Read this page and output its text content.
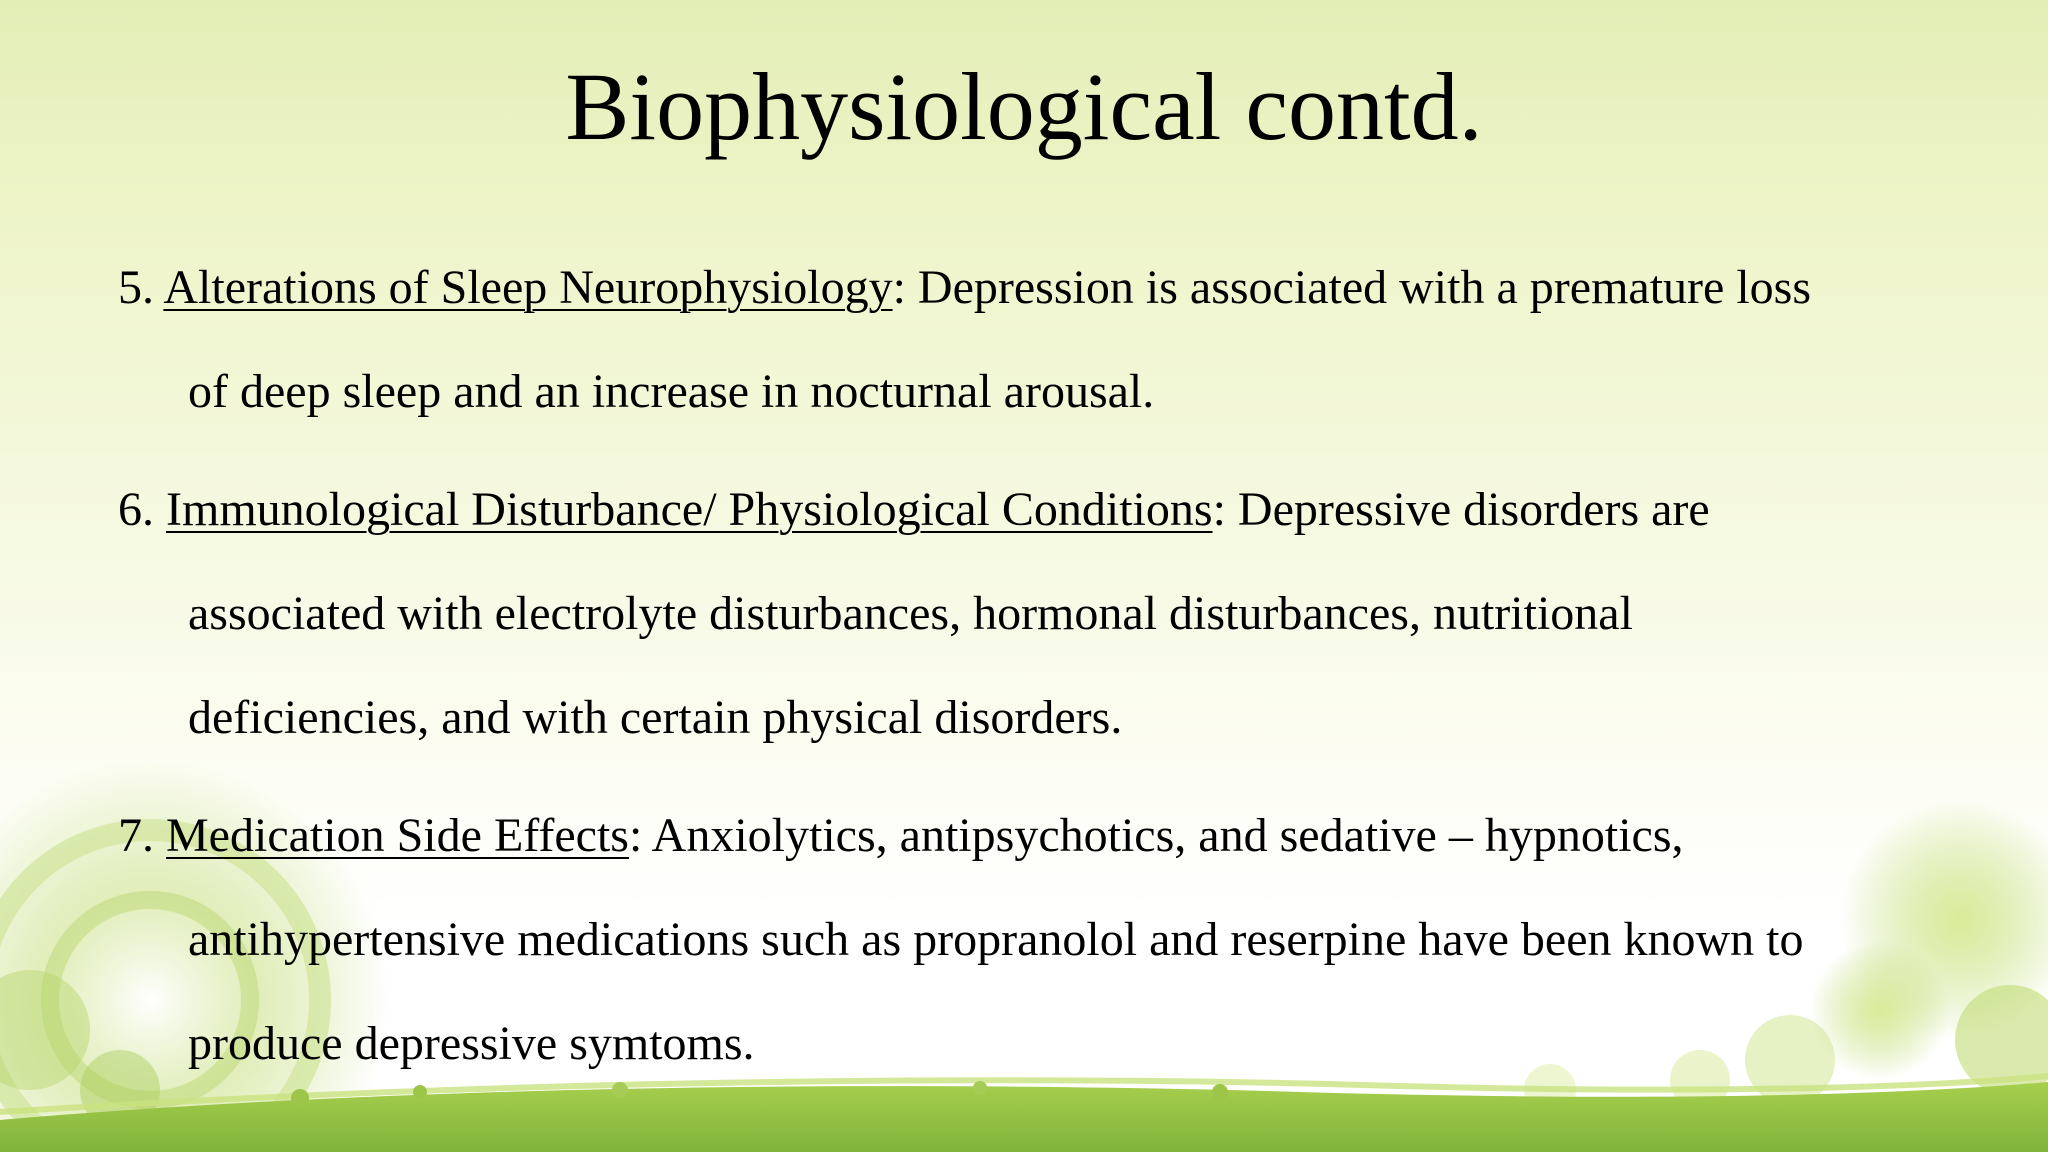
Biophysiological contd.

5. Alterations of Sleep Neurophysiology: Depression is associated with a premature loss
of deep sleep and an increase in nocturnal arousal.

6. Immunological Disturbance/ Physiological Conditions: Depressive disorders are
associated with electrolyte disturbances, hormonal disturbances, nutritional
deficiencies, and with certain physical disorders.

7. Medication Side Effects: Anxiolytics, antipsychotics, and sedative – hypnotics,
antihypertensive medications such as propranolol and reserpine have been known to
produce depressive symtoms.
